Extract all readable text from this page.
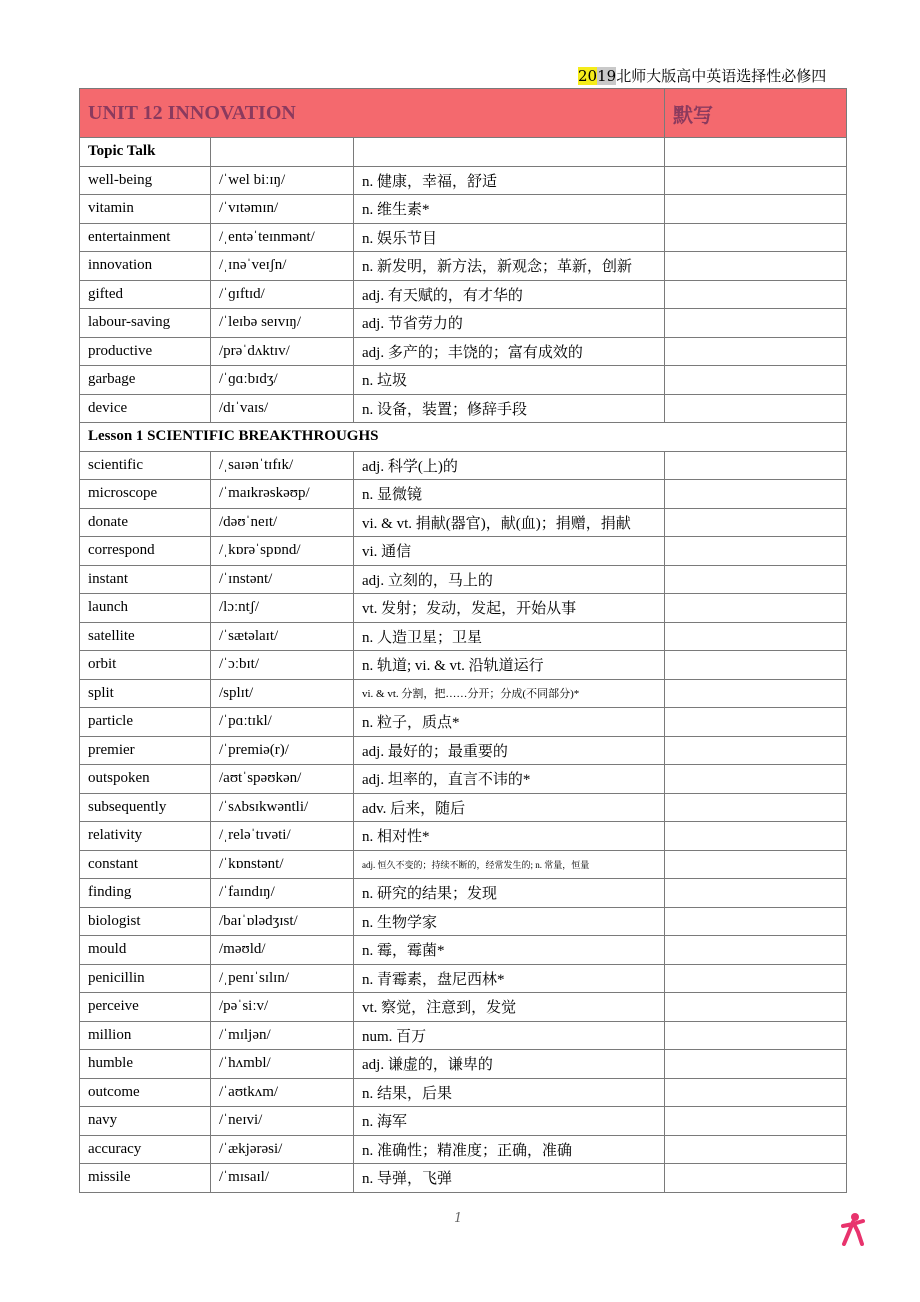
2019北师大版高中英语选择性必修四
UNIT 12 INNOVATION			默写
Topic Talk			
well-being	/ˈwel biːɪŋ/	n. 健康，幸福，舒适	
vitamin	/ˈvɪtəmɪn/	n. 维生素*	
entertainment	/ˌentəˈteɪnmənt/	n. 娱乐节目	
innovation	/ˌɪnəˈveɪʃn/	n. 新发明，新方法，新观念；革新，创新	
gifted	/ˈɡɪftɪd/	adj. 有天赋的，有才华的	
labour-saving	/ˈleɪbə seɪvɪŋ/	adj. 节省劳力的	
productive	/prəˈdʌktɪv/	adj. 多产的；丰饶的；富有成效的	
garbage	/ˈɡɑːbɪdʒ/	n. 垃圾	
device	/dɪˈvaɪs/	n. 设备，装置；修辞手段	
Lesson 1 SCIENTIFIC BREAKTHROUGHS			
scientific	/ˌsaɪənˈtɪfɪk/	adj. 科学(上)的	
microscope	/ˈmaɪkrəskəʊp/	n. 显微镜	
donate	/dəʊˈneɪt/	vi. & vt. 捐献(器官)，献(血)；捐赠，捐献	
correspond	/ˌkɒrəˈspɒnd/	vi. 通信	
instant	/ˈɪnstənt/	adj. 立刻的，马上的	
launch	/lɔːntʃ/	vt. 发射；发动，发起，开始从事	
satellite	/ˈsætəlaɪt/	n. 人造卫星；卫星	
orbit	/ˈɔːbɪt/	n. 轨道; vi. & vt. 沿轨道运行	
split	/splɪt/	vi. & vt. 分割，把……分开；分成(不同部分)*	
particle	/ˈpɑːtɪkl/	n. 粒子，质点*	
premier	/ˈpremiə(r)/	adj. 最好的；最重要的	
outspoken	/aʊtˈspəʊkən/	adj. 坦率的，直言不讳的*	
subsequently	/ˈsʌbsɪkwəntli/	adv. 后来，随后	
relativity	/ˌreləˈtɪvəti/	n. 相对性*	
constant	/ˈkɒnstənt/	adj. 恒久不变的；持续不断的，经常发生的; n. 常量，恒量	
finding	/ˈfaɪndɪŋ/	n. 研究的结果；发现	
biologist	/baɪˈɒlədʒɪst/	n. 生物学家	
mould	/məʊld/	n. 霉，霉菌*	
penicillin	/ˌpenɪˈsɪlɪn/	n. 青霉素，盘尼西林*	
perceive	/pəˈsiːv/	vt. 察觉，注意到，发觉	
million	/ˈmɪljən/	num. 百万	
humble	/ˈhʌmbl/	adj. 谦虚的，谦卑的	
outcome	/ˈaʊtkʌm/	n. 结果，后果	
navy	/ˈneɪvi/	n. 海军	
accuracy	/ˈækjərəsi/	n. 准确性；精准度；正确，准确	
missile	/ˈmɪsaɪl/	n. 导弹，飞弹	
1
